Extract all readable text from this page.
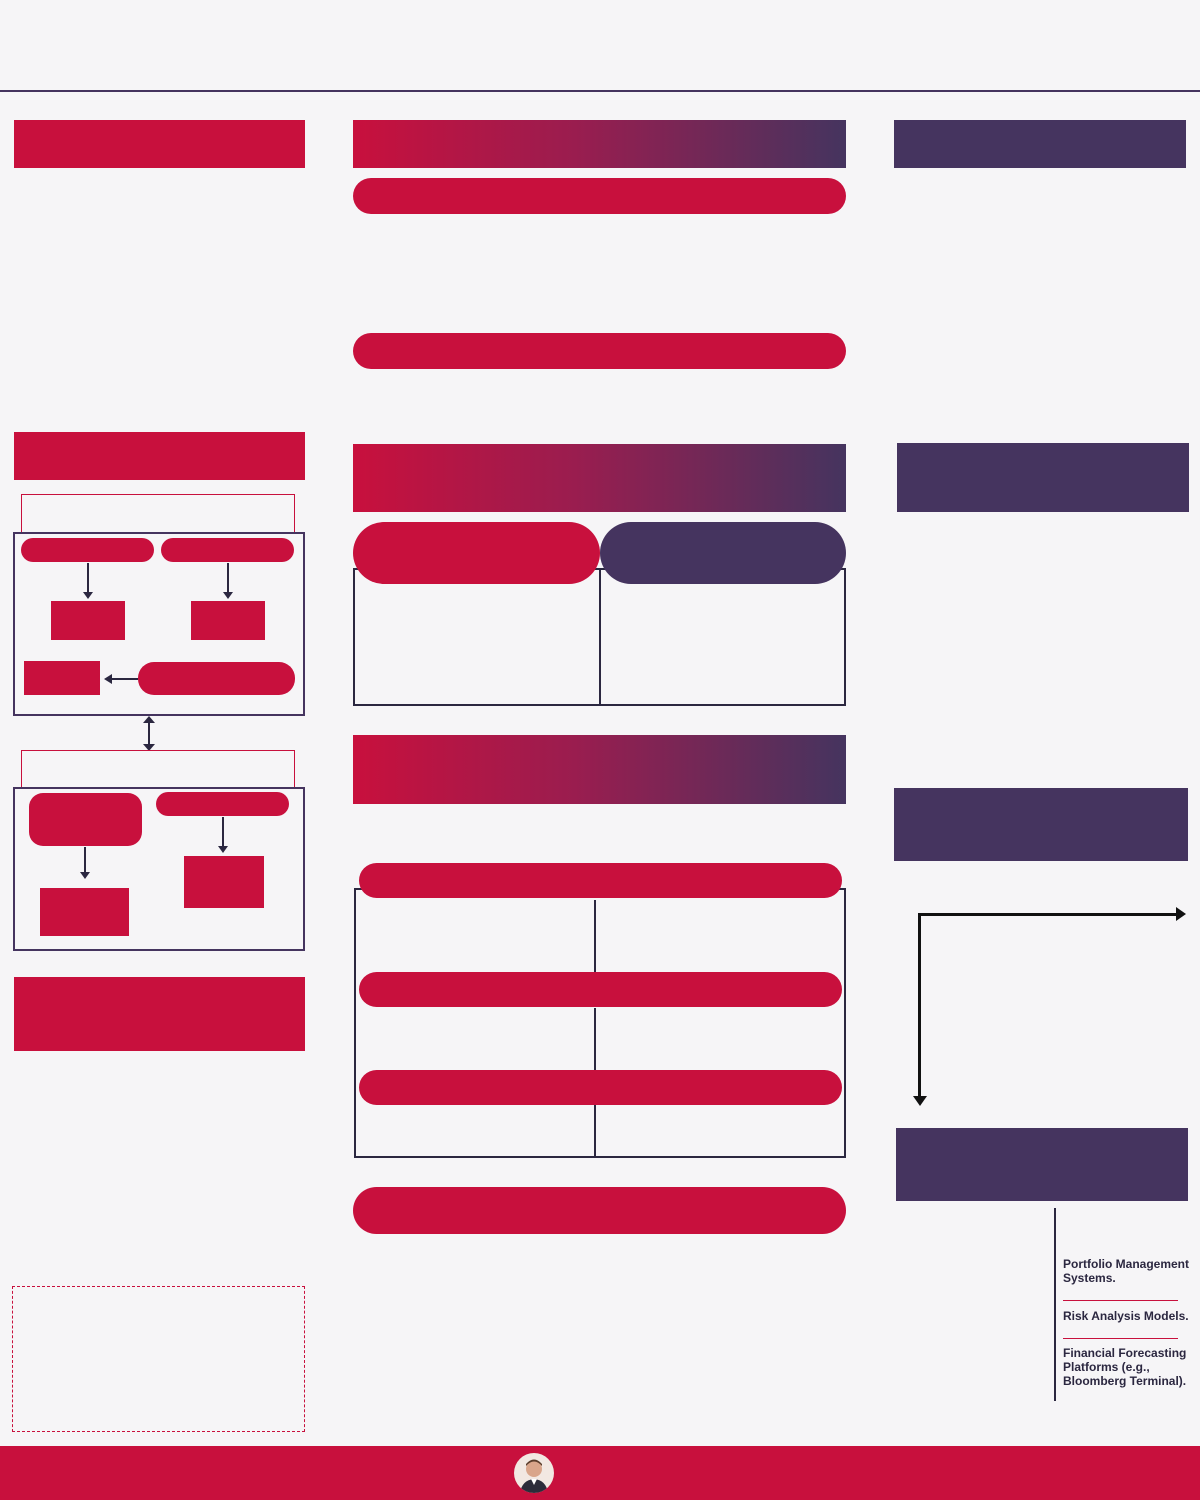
Portfolio Management Systems.
Risk Analysis Models.
Financial Forecasting Platforms (e.g., Bloomberg Terminal).
